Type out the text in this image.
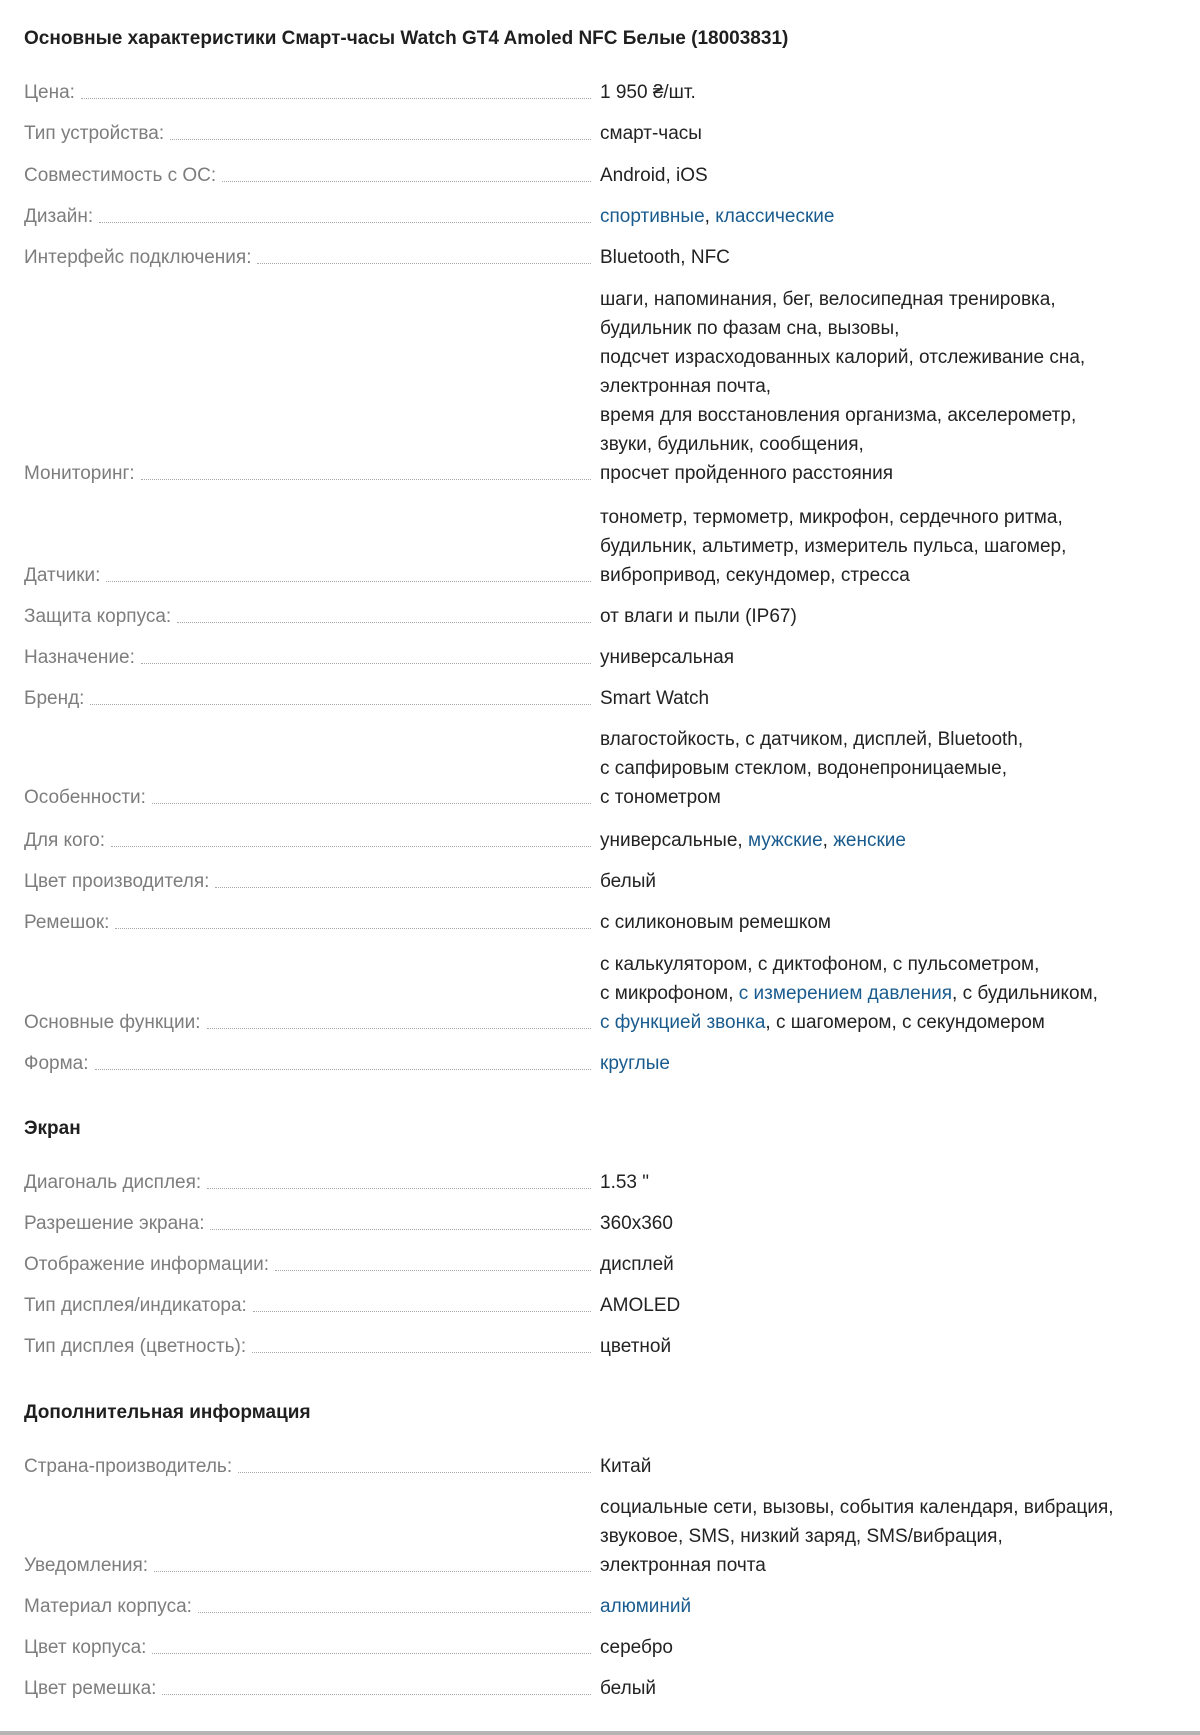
Основные характеристики Смарт-часы Watch GT4 Amoled NFC Белые (18003831)
Цена:	1 950 ₴/шт.
Тип устройства:	смарт-часы
Совместимость с ОС:	Android, iOS
Дизайн:	спортивные, классические
Интерфейс подключения:	Bluetooth, NFC
Мониторинг:
шаги, напоминания, бег, велосипедная тренировка,
будильник по фазам сна, вызовы,
подсчет израсходованных калорий, отслеживание сна,
электронная почта,
время для восстановления организма, акселерометр,
звуки, будильник, сообщения,
просчет пройденного расстояния
Датчики:
тонометр, термометр, микрофон, сердечного ритма,
будильник, альтиметр, измеритель пульса, шагомер,
вибропривод, секундомер, стресса
Защита корпуса:	от влаги и пыли (IP67)
Назначение:	универсальная
Бренд:	Smart Watch
Особенности:
влагостойкость, с датчиком, дисплей, Bluetooth,
с сапфировым стеклом, водонепроницаемые,
с тонометром
Для кого:	универсальные, мужские, женские
Цвет производителя:	белый
Ремешок:	с силиконовым ремешком
Основные функции:
с калькулятором, с диктофоном, с пульсометром,
с микрофоном, с измерением давления, с будильником,
с функцией звонка, с шагомером, с секундомером
Форма:	круглые
Экран
Диагональ дисплея:	1.53 "
Разрешение экрана:	360x360
Отображение информации:	дисплей
Тип дисплея/индикатора:	AMOLED
Тип дисплея (цветность):	цветной
Дополнительная информация
Страна-производитель:	Китай
Уведомления:
социальные сети, вызовы, события календаря, вибрация,
звуковое, SMS, низкий заряд, SMS/вибрация,
электронная почта
Материал корпуса:	алюминий
Цвет корпуса:	серебро
Цвет ремешка:	белый
